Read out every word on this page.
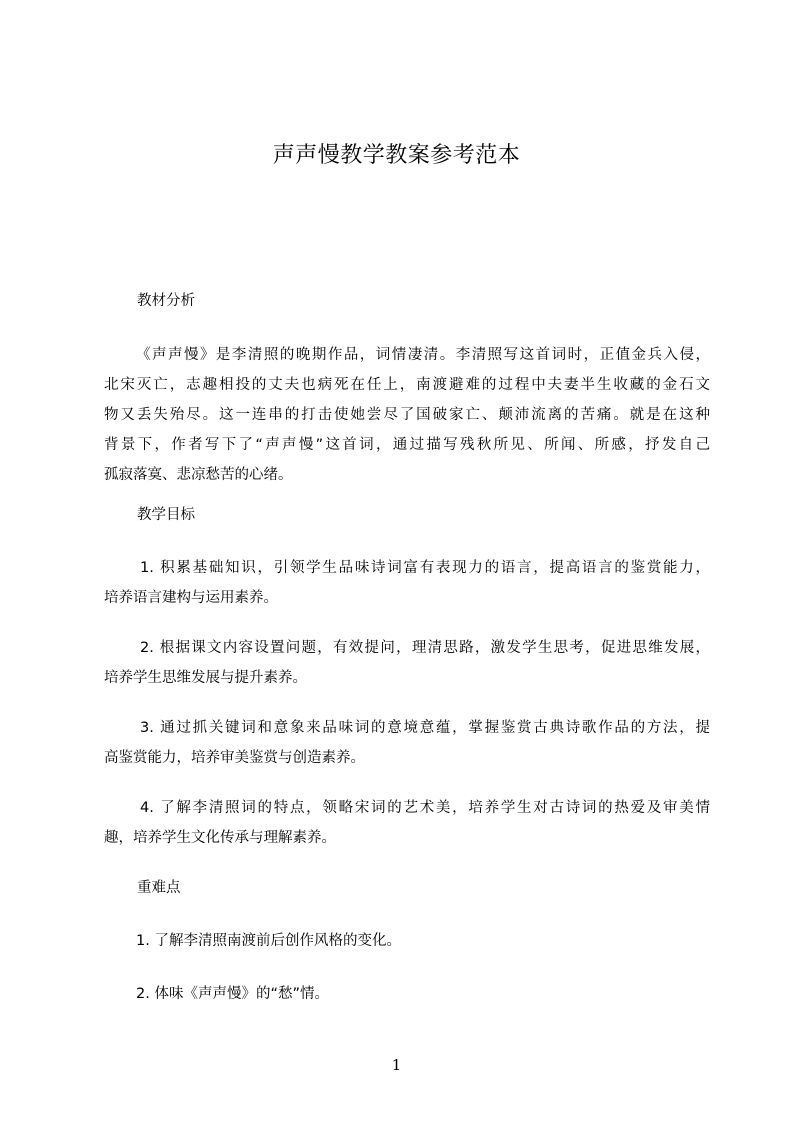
声声慢教学教案参考范本
教材分析
《声声慢》是李清照的晚期作品，词情凄清。李清照写这首词时，正值金兵入侵，
北宋灭亡，志趣相投的丈夫也病死在任上，南渡避难的过程中夫妻半生收藏的金石文
物又丢失殆尽。这一连串的打击使她尝尽了国破家亡、颠沛流离的苦痛。就是在这种
背景下，作者写下了“声声慢”这首词，通过描写残秋所见、所闻、所感，抒发自己
孤寂落寞、悲凉愁苦的心绪。
教学目标
1. 积累基础知识，引领学生品味诗词富有表现力的语言，提高语言的鉴赏能力，
培养语言建构与运用素养。
2. 根据课文内容设置问题，有效提问，理清思路，激发学生思考，促进思维发展，
培养学生思维发展与提升素养。
3. 通过抓关键词和意象来品味词的意境意蕴，掌握鉴赏古典诗歌作品的方法，提
高鉴赏能力，培养审美鉴赏与创造素养。
4. 了解李清照词的特点，领略宋词的艺术美，培养学生对古诗词的热爱及审美情
趣，培养学生文化传承与理解素养。
重难点
1. 了解李清照南渡前后创作风格的变化。
2. 体味《声声慢》的“愁”情。
1
